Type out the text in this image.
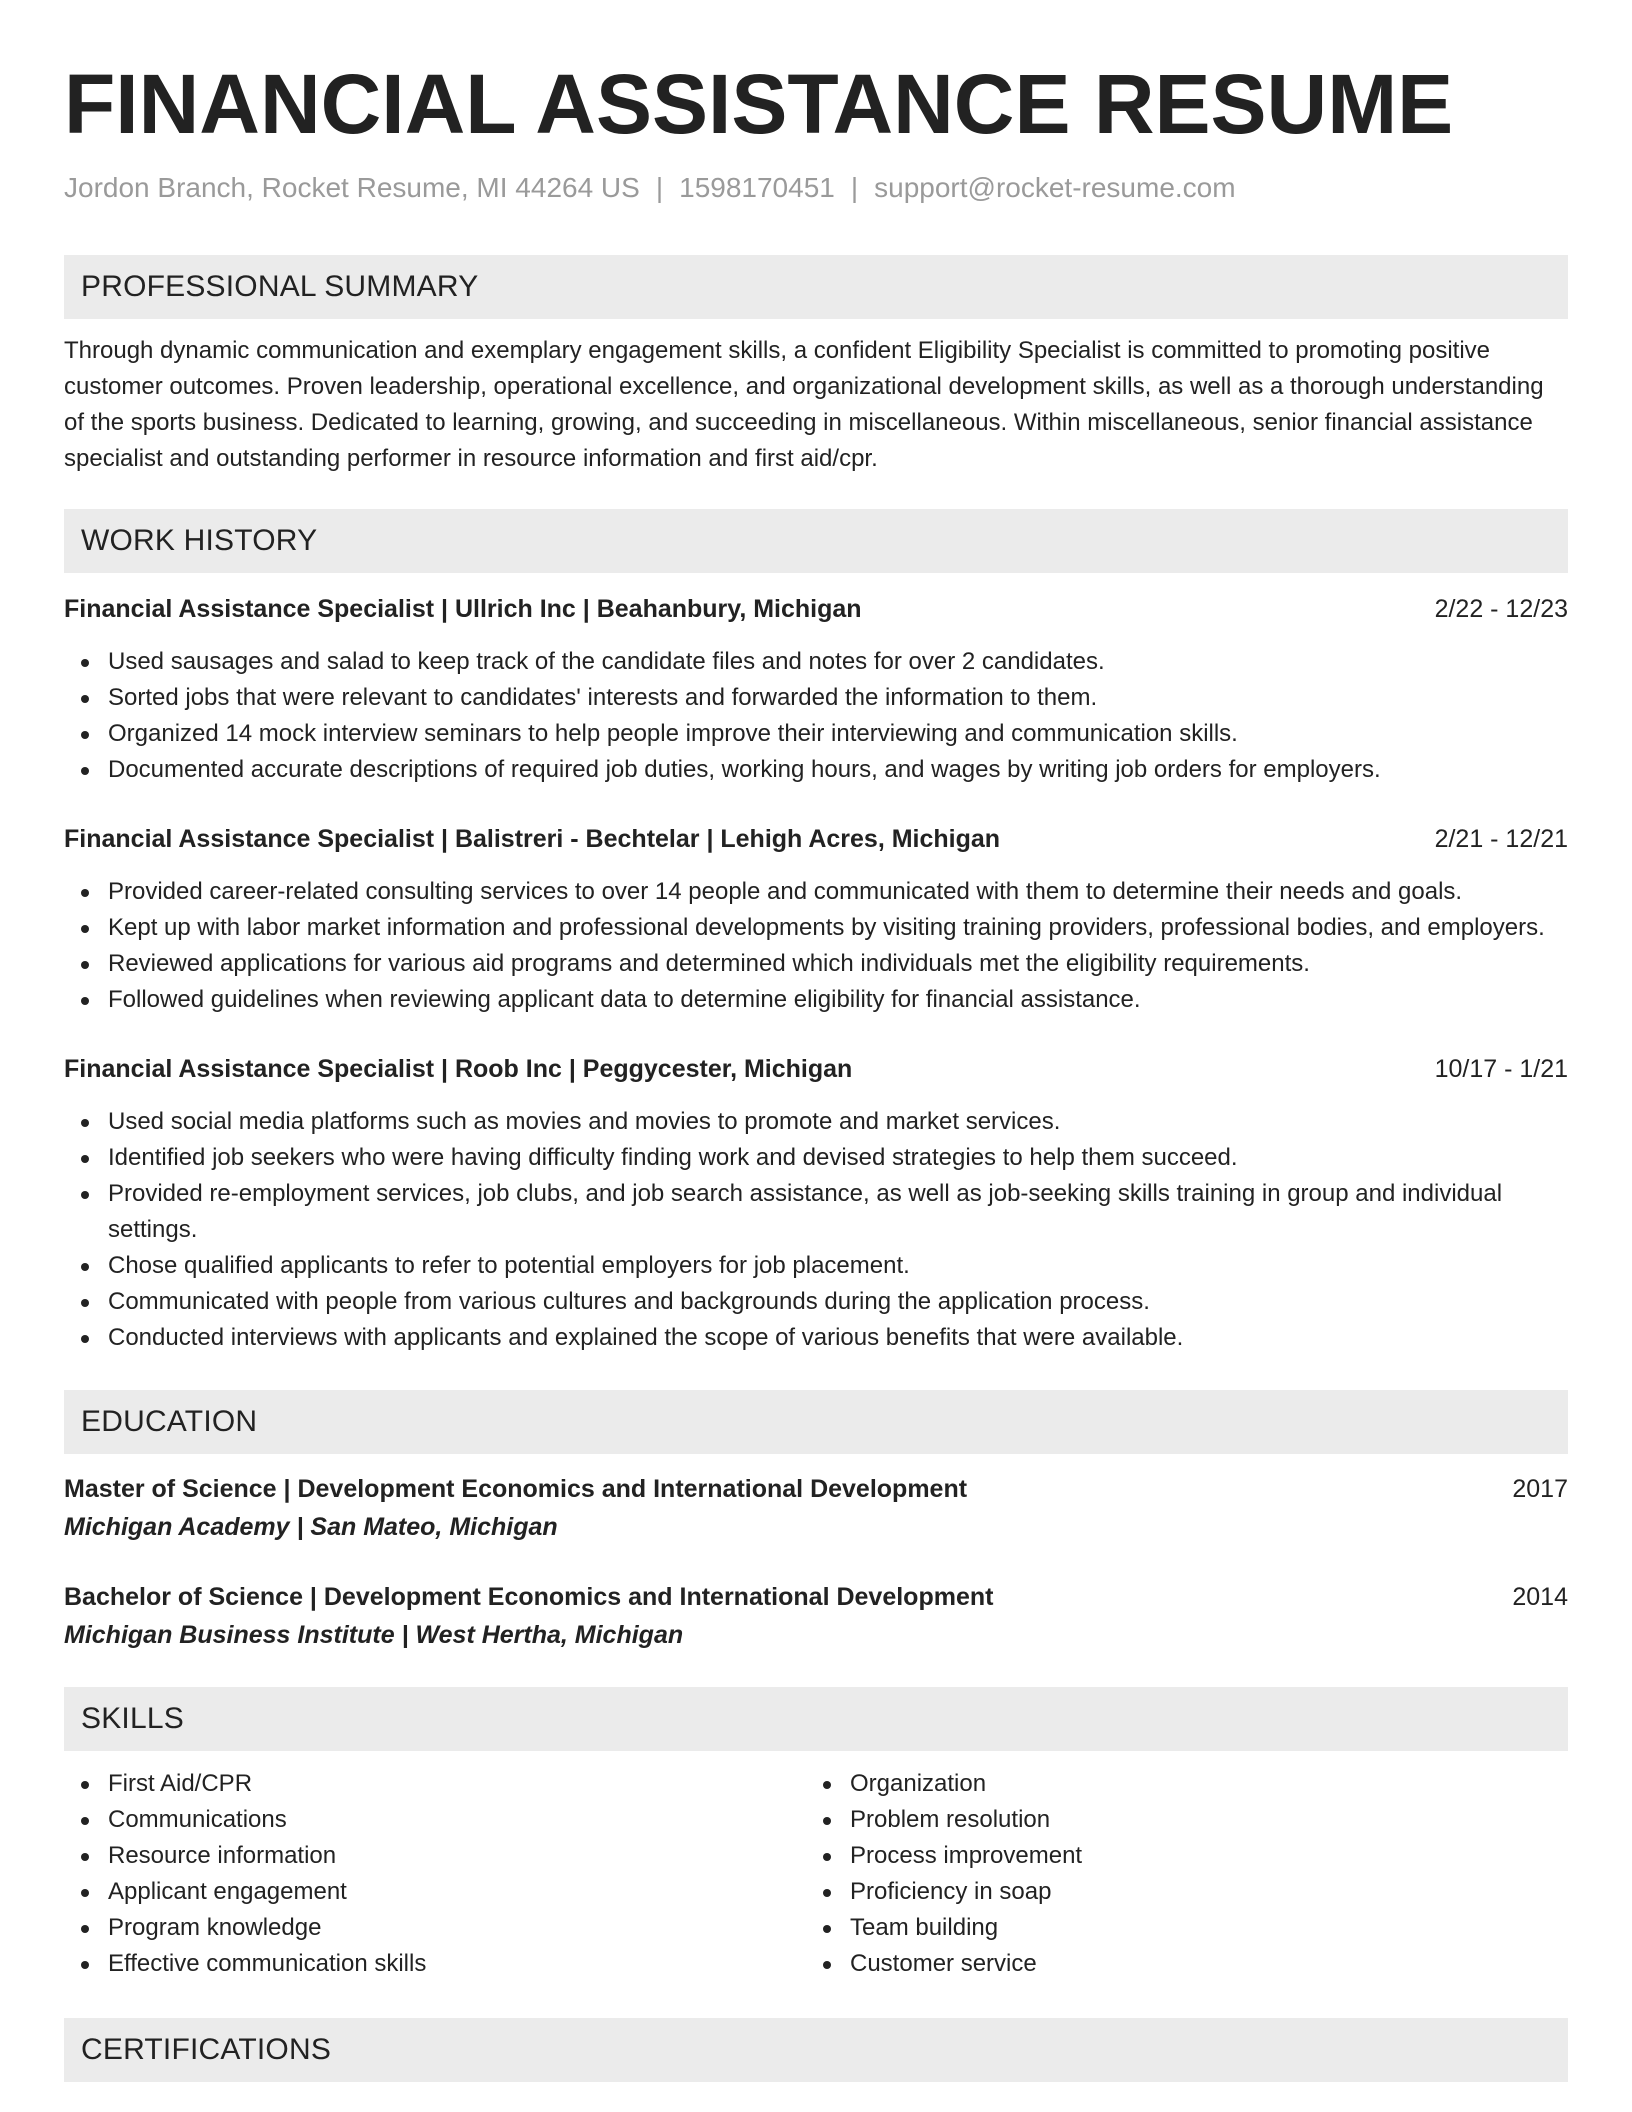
FINANCIAL ASSISTANCE RESUME
Jordon Branch, Rocket Resume, MI 44264 US | 1598170451 | support@rocket-resume.com
PROFESSIONAL SUMMARY

Through dynamic communication and exemplary engagement skills, a confident Eligibility Specialist is committed to promoting positive customer outcomes. Proven leadership, operational excellence, and organizational development skills, as well as a thorough understanding of the sports business. Dedicated to learning, growing, and succeeding in miscellaneous. Within miscellaneous, senior financial assistance specialist and outstanding performer in resource information and first aid/cpr.

WORK HISTORY
Financial Assistance Specialist | Ullrich Inc | Beahanbury, Michigan	2/22 - 12/23
Used sausages and salad to keep track of the candidate files and notes for over 2 candidates.
Sorted jobs that were relevant to candidates' interests and forwarded the information to them.
Organized 14 mock interview seminars to help people improve their interviewing and communication skills.
Documented accurate descriptions of required job duties, working hours, and wages by writing job orders for employers.
Financial Assistance Specialist | Balistreri - Bechtelar | Lehigh Acres, Michigan	2/21 - 12/21
Provided career-related consulting services to over 14 people and communicated with them to determine their needs and goals.
Kept up with labor market information and professional developments by visiting training providers, professional bodies, and employers.
Reviewed applications for various aid programs and determined which individuals met the eligibility requirements.
Followed guidelines when reviewing applicant data to determine eligibility for financial assistance.
Financial Assistance Specialist | Roob Inc | Peggycester, Michigan	10/17 - 1/21
Used social media platforms such as movies and movies to promote and market services.
Identified job seekers who were having difficulty finding work and devised strategies to help them succeed.
Provided re-employment services, job clubs, and job search assistance, as well as job-seeking skills training in group and individual settings.
Chose qualified applicants to refer to potential employers for job placement.
Communicated with people from various cultures and backgrounds during the application process.
Conducted interviews with applicants and explained the scope of various benefits that were available.
EDUCATION
Master of Science | Development Economics and International Development	2017
Michigan Academy | San Mateo, Michigan
Bachelor of Science | Development Economics and International Development	2014
Michigan Business Institute | West Hertha, Michigan
SKILLS
First Aid/CPR
Communications
Resource information
Applicant engagement
Program knowledge
Effective communication skills
Organization
Problem resolution
Process improvement
Proficiency in soap
Team building
Customer service
CERTIFICATIONS
